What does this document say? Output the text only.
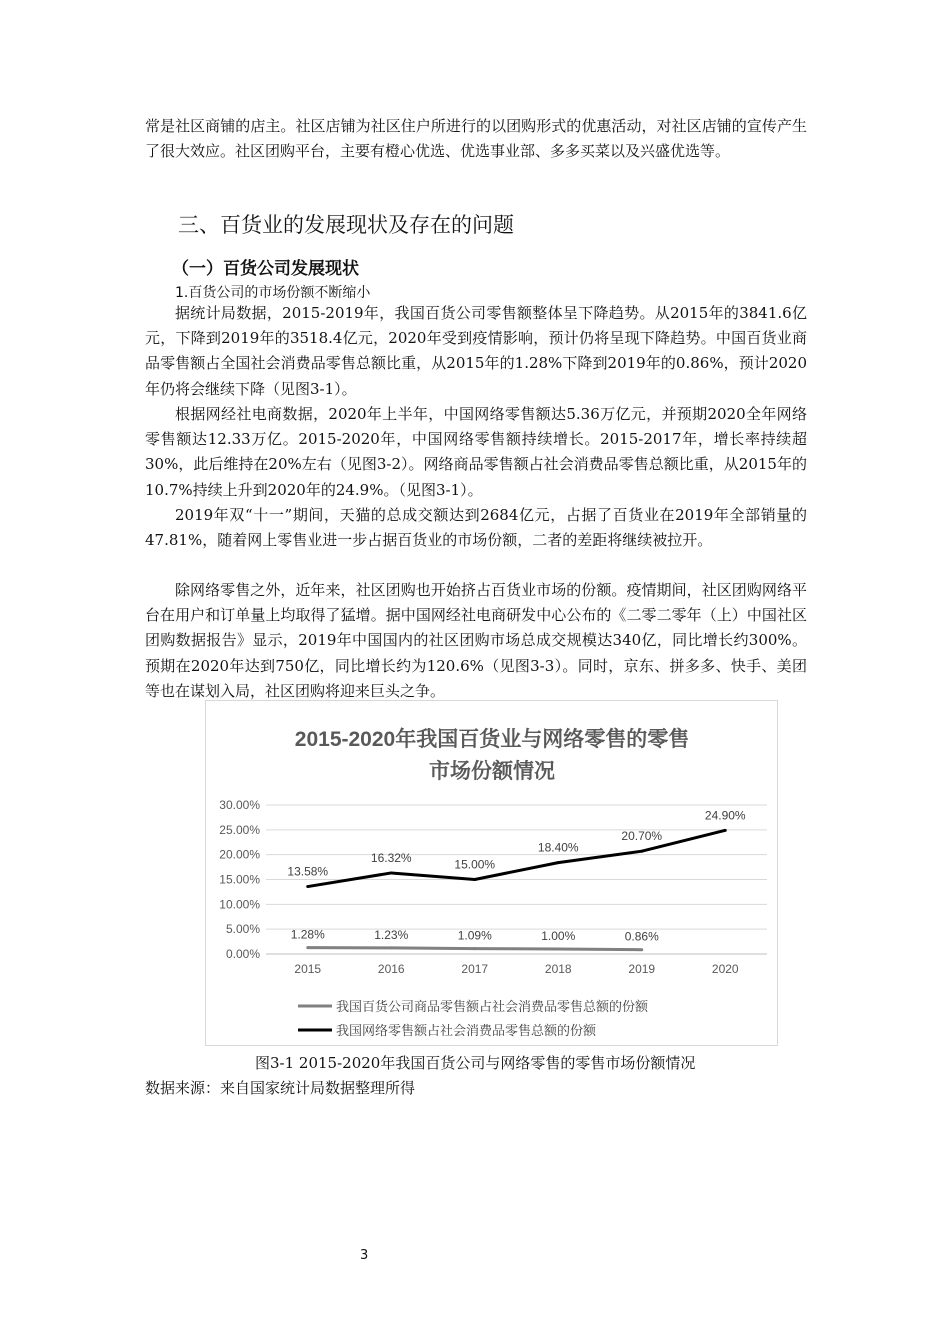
常是社区商铺的店主。社区店铺为社区住户所进行的以团购形式的优惠活动，对社区店铺的宣传产生了很大效应。社区团购平台，主要有橙心优选、优选事业部、多多买菜以及兴盛优选等。

三、百货业的发展现状及存在的问题
（一）百货公司发展现状
1.百货公司的市场份额不断缩小

据统计局数据，2015-2019年，我国百货公司零售额整体呈下降趋势。从2015年的3841.6亿元，下降到2019年的3518.4亿元，2020年受到疫情影响，预计仍将呈现下降趋势。中国百货业商品零售额占全国社会消费品零售总额比重，从2015年的1.28%下降到2019年的0.86%，预计2020年仍将会继续下降（见图3-1）。

根据网经社电商数据，2020年上半年，中国网络零售额达5.36万亿元，并预期2020全年网络零售额达12.33万亿。2015-2020年，中国网络零售额持续增长。2015-2017年，增长率持续超30%，此后维持在20%左右（见图3-2）。网络商品零售额占社会消费品零售总额比重，从2015年的10.7%持续上升到2020年的24.9%。（见图3-1）。

2019年双“十一”期间，天猫的总成交额达到2684亿元，占据了百货业在2019年全部销量的47.81%，随着网上零售业进一步占据百货业的市场份额，二者的差距将继续被拉开。

除网络零售之外，近年来，社区团购也开始挤占百货业市场的份额。疫情期间，社区团购网络平台在用户和订单量上均取得了猛增。据中国网经社电商研发中心公布的《二零二零年（上）中国社区团购数据报告》显示，2019年中国国内的社区团购市场总成交规模达340亿，同比增长约300%。预期在2020年达到750亿，同比增长约为120.6%（见图3-3）。同时，京东、拼多多、快手、美团等也在谋划入局，社区团购将迎来巨头之争。

2015-2020年我国百货业与网络零售的零售
市场份额情况
0.00%
5.00%
10.00%
15.00%
20.00%
25.00%
30.00%
2015	2016	2017	2018	2019	2020
1.28%	1.23%	1.09%	1.00%	0.86%
13.58%
16.32%	15.00%
18.40%
20.70%
24.90%
我国百货公司商品零售额占社会消费品零售总额的份额
我国网络零售额占社会消费品零售总额的份额
图3-1 2015-2020年我国百货公司与网络零售的零售市场份额情况
数据来源：来自国家统计局数据整理所得
3
